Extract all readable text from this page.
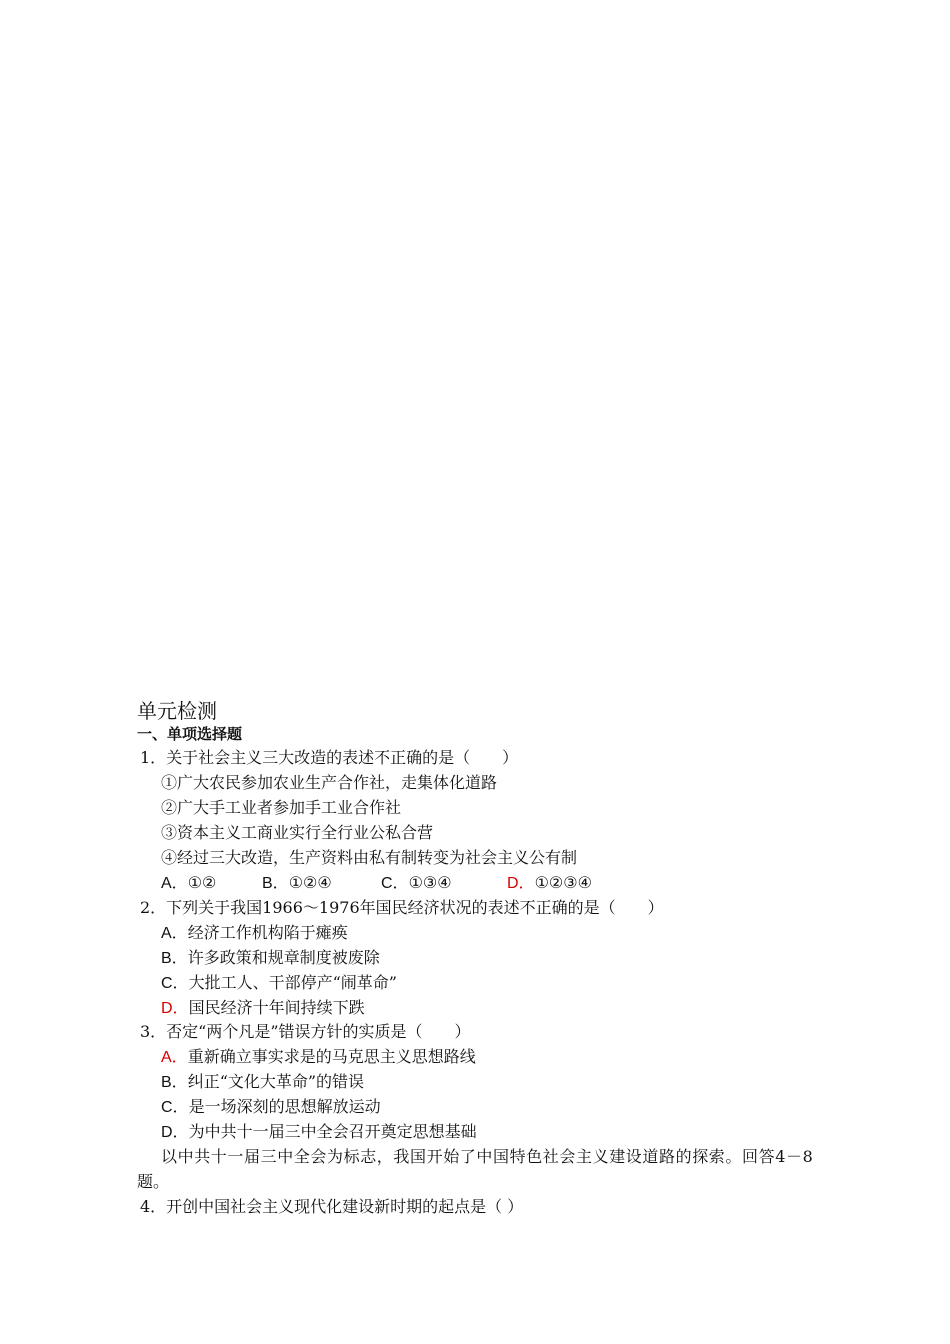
单元检测
一、单项选择题
1．关于社会主义三大改造的表述不正确的是（　　）
①广大农民参加农业生产合作社，走集体化道路
②广大手工业者参加手工业合作社
③资本主义工商业实行全行业公私合营
④经过三大改造，生产资料由私有制转变为社会主义公有制
A．①②	B．①②④	C．①③④	D．①②③④
2．下列关于我国1966～1976年国民经济状况的表述不正确的是（　　）
A．经济工作机构陷于瘫痪
B．许多政策和规章制度被废除
C．大批工人、干部停产“闹革命”
D．国民经济十年间持续下跌
3．否定“两个凡是”错误方针的实质是（　　）
A．重新确立事实求是的马克思主义思想路线
B．纠正“文化大革命”的错误
C．是一场深刻的思想解放运动
D．为中共十一届三中全会召开奠定思想基础
以中共十一届三中全会为标志，我国开始了中国特色社会主义建设道路的探索。回答4－8
题。
4．开创中国社会主义现代化建设新时期的起点是（ ）
